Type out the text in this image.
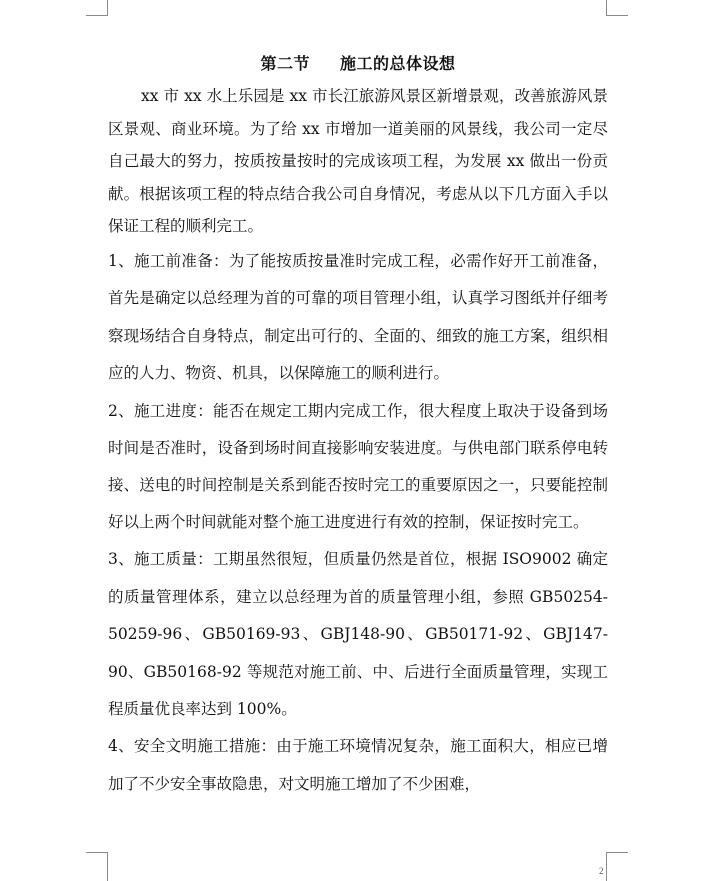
第二节 施工的总体设想

xx 市 xx 水上乐园是 xx 市长江旅游风景区新增景观，改善旅游风景区景观、商业环境。为了给 xx 市增加一道美丽的风景线，我公司一定尽自己最大的努力，按质按量按时的完成该项工程，为发展 xx 做出一份贡献。根据该项工程的特点结合我公司自身情况，考虑从以下几方面入手以保证工程的顺利完工。

1、施工前准备：为了能按质按量准时完成工程，必需作好开工前准备，首先是确定以总经理为首的可靠的项目管理小组，认真学习图纸并仔细考察现场结合自身特点，制定出可行的、全面的、细致的施工方案，组织相应的人力、物资、机具，以保障施工的顺利进行。

2、施工进度：能否在规定工期内完成工作，很大程度上取决于设备到场时间是否准时，设备到场时间直接影响安装进度。与供电部门联系停电转接、送电的时间控制是关系到能否按时完工的重要原因之一，只要能控制好以上两个时间就能对整个施工进度进行有效的控制，保证按时完工。

3、施工质量：工期虽然很短，但质量仍然是首位，根据 ISO9002 确定的质量管理体系，建立以总经理为首的质量管理小组，参照 GB50254-50259-96、GB50169-93、GBJ148-90、GB50171-92、GBJ147-90、GB50168-92 等规范对施工前、中、后进行全面质量管理，实现工程质量优良率达到 100%。

4、安全文明施工措施：由于施工环境情况复杂，施工面积大，相应已增加了不少安全事故隐患，对文明施工增加了不少困难，

2
